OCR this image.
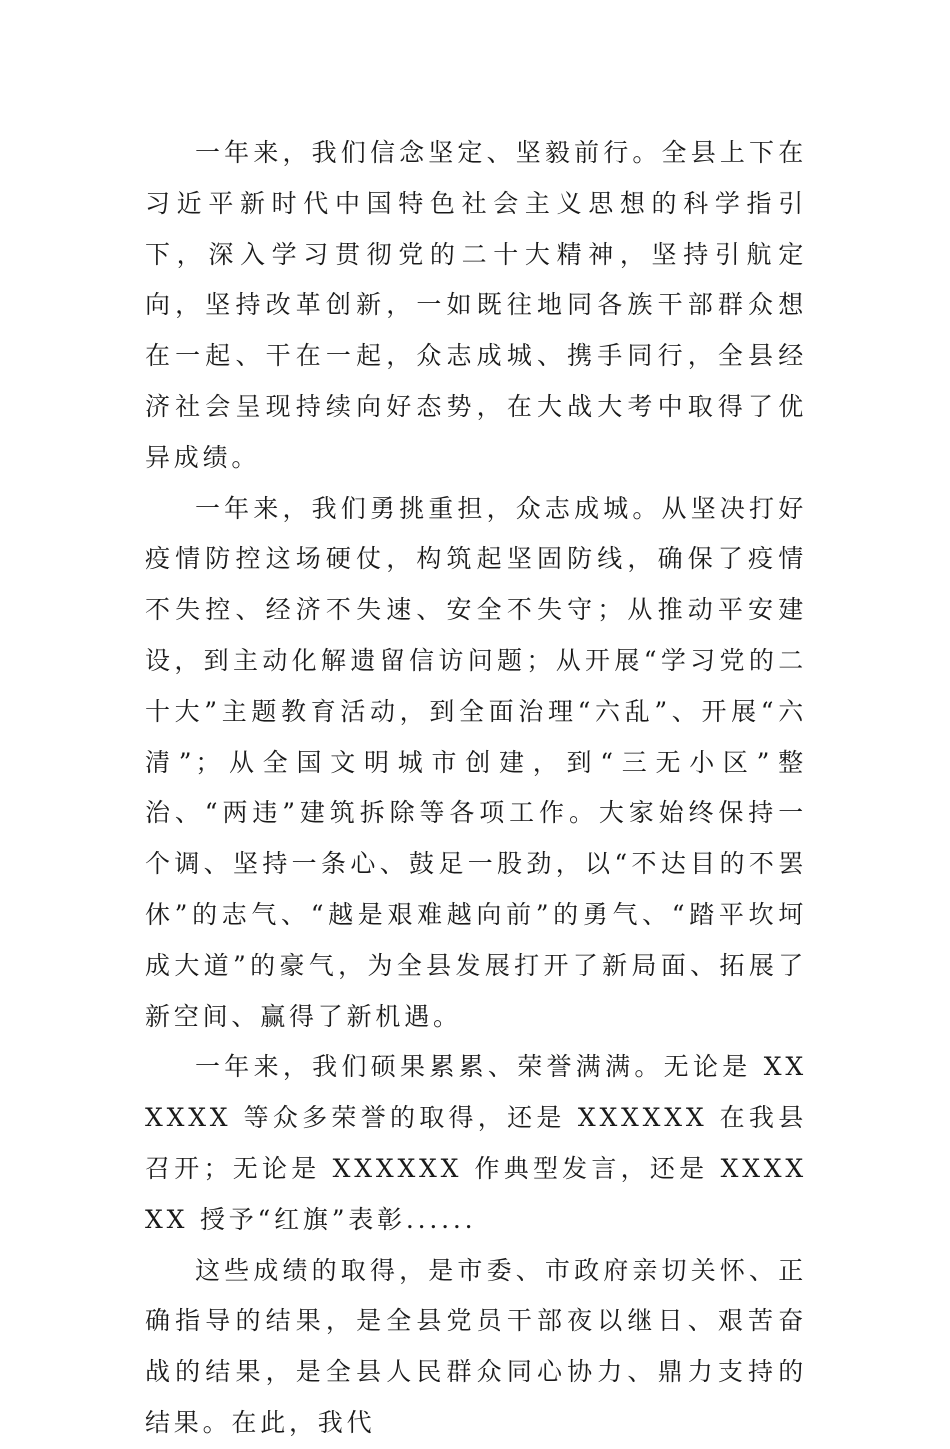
一年来，我们信念坚定、坚毅前行。全县上下在习近平新时代中国特色社会主义思想的科学指引下，深入学习贯彻党的二十大精神，坚持引航定向，坚持改革创新，一如既往地同各族干部群众想在一起、干在一起，众志成城、携手同行，全县经济社会呈现持续向好态势，在大战大考中取得了优异成绩。

一年来，我们勇挑重担，众志成城。从坚决打好疫情防控这场硬仗，构筑起坚固防线，确保了疫情不失控、经济不失速、安全不失守；从推动平安建设，到主动化解遗留信访问题；从开展“学习党的二十大”主题教育活动，到全面治理“六乱”、开展“六清”；从全国文明城市创建，到“三无小区”整治、“两违”建筑拆除等各项工作。大家始终保持一个调、坚持一条心、鼓足一股劲，以“不达目的不罢休”的志气、“越是艰难越向前”的勇气、“踏平坎坷成大道”的豪气，为全县发展打开了新局面、拓展了新空间、赢得了新机遇。

一年来，我们硕果累累、荣誉满满。无论是 XXXXXX 等众多荣誉的取得，还是 XXXXXX 在我县召开；无论是 XXXXXX 作典型发言，还是 XXXXXX 授予“红旗”表彰......

这些成绩的取得，是市委、市政府亲切关怀、正确指导的结果，是全县党员干部夜以继日、艰苦奋战的结果，是全县人民群众同心协力、鼎力支持的结果。在此，我代
